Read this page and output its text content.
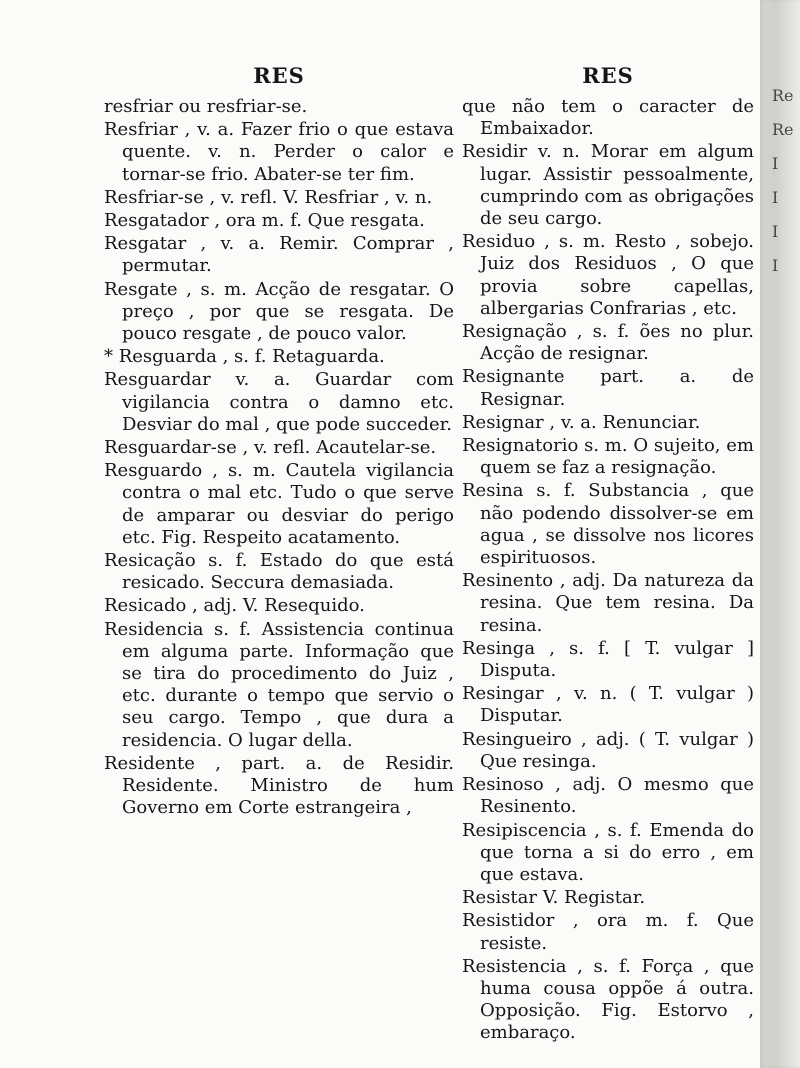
RES
resfriar ou resfriar-se.
Resfriar , v. a. Fazer frio o que estava quente. v. n. Perder o calor e tornar-se frio. Abater-se ter fim.
Resfriar-se , v. refl. V. Resfriar , v. n.
Resgatador , ora m. f. Que resgata.
Resgatar , v. a. Remir. Comprar , permutar.
Resgate , s. m. Acção de resgatar. O preço , por que se resgata. De pouco resgate , de pouco valor.
* Resguarda , s. f. Retaguarda.
Resguardar v. a. Guardar com vigilancia contra o damno etc. Desviar do mal , que pode succeder.
Resguardar-se , v. refl. Acautelar-se.
Resguardo , s. m. Cautela vigilancia contra o mal etc. Tudo o que serve de amparar ou desviar do perigo etc. Fig. Respeito acatamento.
Resicação s. f. Estado do que está resicado. Seccura demasiada.
Resicado , adj. V. Resequido.
Residencia s. f. Assistencia continua em alguma parte. Informação que se tira do procedimento do Juiz , etc. durante o tempo que servio o seu cargo. Tempo , que dura a residencia. O lugar della.
Residente , part. a. de Residir. Residente. Ministro de hum Governo em Corte estrangeira ,
RES
que não tem o caracter de Embaixador.
Residir v. n. Morar em algum lugar. Assistir pessoalmente, cumprindo com as obrigações de seu cargo.
Residuo , s. m. Resto , sobejo. Juiz dos Residuos , O que provia sobre capellas, albergarias Confrarias , etc.
Resignação , s. f. ões no plur. Acção de resignar.
Resignante part. a. de Resignar.
Resignar , v. a. Renunciar.
Resignatorio s. m. O sujeito, em quem se faz a resignação.
Resina s. f. Substancia , que não podendo dissolver-se em agua , se dissolve nos licores espirituosos.
Resinento , adj. Da natureza da resina. Que tem resina. Da resina.
Resinga , s. f. [ T. vulgar ] Disputa.
Resingar , v. n. ( T. vulgar ) Disputar.
Resingueiro , adj. ( T. vulgar ) Que resinga.
Resinoso , adj. O mesmo que Resinento.
Resipiscencia , s. f. Emenda do que torna a si do erro , em que estava.
Resistar V. Registar.
Resistidor , ora m. f. Que resiste.
Resistencia , s. f. Força , que huma cousa oppõe á outra. Opposição. Fig. Estorvo , embaraço.
Re
Re
I
I
I
I
